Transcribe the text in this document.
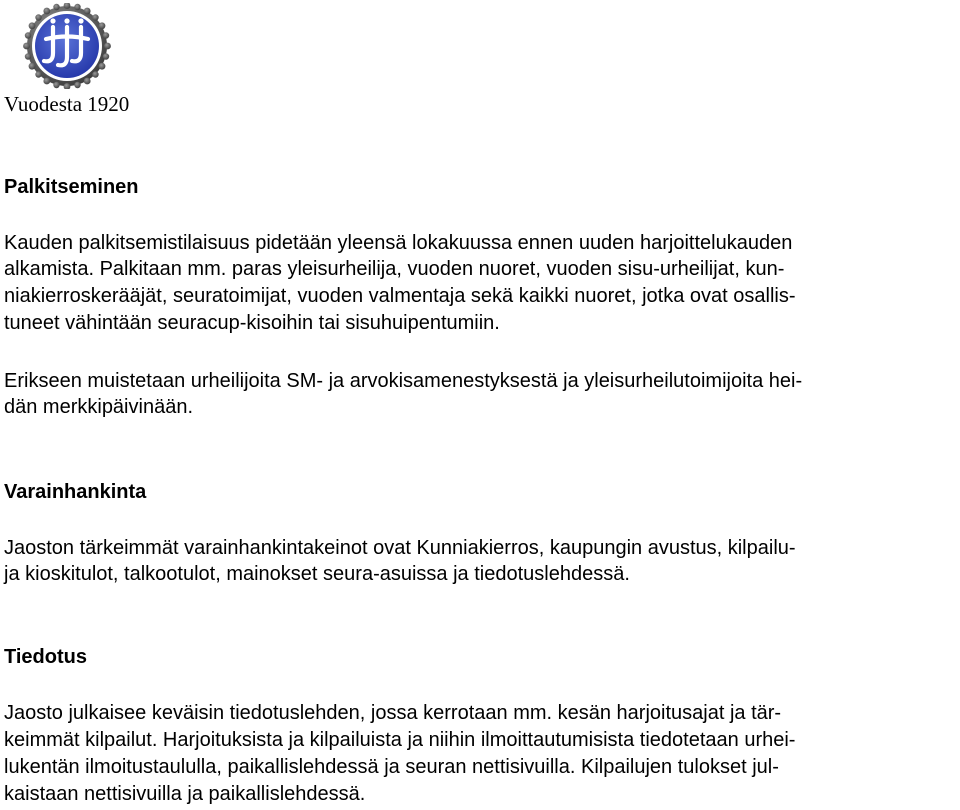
Vuodesta 1920
Palkitseminen
Kauden palkitsemistilaisuus pidetään yleensä lokakuussa ennen uuden harjoittelukauden
alkamista. Palkitaan mm. paras yleisurheilija, vuoden nuoret, vuoden sisu-urheilijat, kun-
niakierroskerääjät, seuratoimijat, vuoden valmentaja sekä kaikki nuoret, jotka ovat osallis-
tuneet vähintään seuracup-kisoihin tai sisuhuipentumiin.
Erikseen muistetaan urheilijoita SM- ja arvokisamenestyksestä ja yleisurheilutoimijoita hei-
dän merkkipäivinään.
Varainhankinta
Jaoston tärkeimmät varainhankintakeinot ovat Kunniakierros, kaupungin avustus, kilpailu-
ja kioskitulot, talkootulot, mainokset seura-asuissa ja tiedotuslehdessä.
Tiedotus
Jaosto julkaisee keväisin tiedotuslehden, jossa kerrotaan mm. kesän harjoitusajat ja tär-
keimmät kilpailut. Harjoituksista ja kilpailuista ja niihin ilmoittautumisista tiedotetaan urhei-
lukentän ilmoitustaululla, paikallislehdessä ja seuran nettisivuilla. Kilpailujen tulokset jul-
kaistaan nettisivuilla ja paikallislehdessä.
